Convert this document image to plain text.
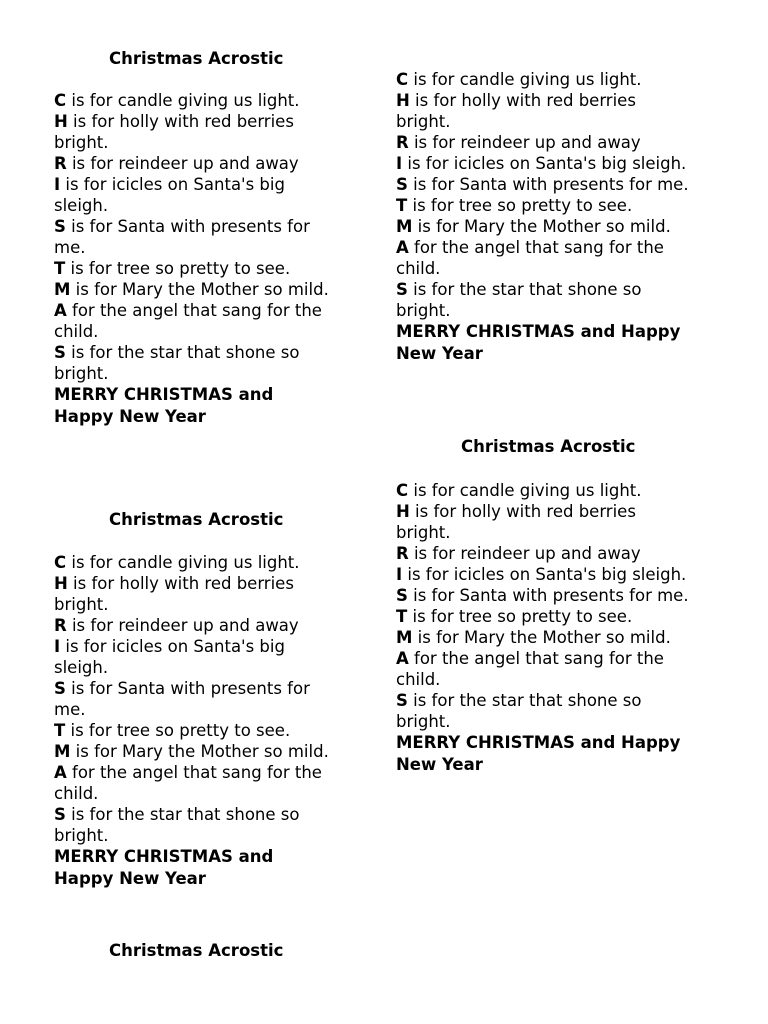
Christmas Acrostic

C is for candle giving us light.

H is for holly with red berries

bright.

R is for reindeer up and away

I is for icicles on Santa's big

sleigh.

S is for Santa with presents for

me.

T is for tree so pretty to see.

M is for Mary the Mother so mild.

A for the angel that sang for the

child.

S is for the star that shone so

bright.

MERRY CHRISTMAS and

Happy New Year

C is for candle giving us light.

H is for holly with red berries

bright.

R is for reindeer up and away

I is for icicles on Santa's big sleigh.

S is for Santa with presents for me.

T is for tree so pretty to see.

M is for Mary the Mother so mild.

A for the angel that sang for the

child.

S is for the star that shone so

bright.

MERRY CHRISTMAS and Happy

New Year

Christmas Acrostic

C is for candle giving us light.

H is for holly with red berries

bright.

R is for reindeer up and away

I is for icicles on Santa's big sleigh.

S is for Santa with presents for me.

T is for tree so pretty to see.

M is for Mary the Mother so mild.

A for the angel that sang for the

child.

S is for the star that shone so

bright.

MERRY CHRISTMAS and Happy

New Year

Christmas Acrostic

C is for candle giving us light.

H is for holly with red berries

bright.

R is for reindeer up and away

I is for icicles on Santa's big

sleigh.

S is for Santa with presents for

me.

T is for tree so pretty to see.

M is for Mary the Mother so mild.

A for the angel that sang for the

child.

S is for the star that shone so

bright.

MERRY CHRISTMAS and

Happy New Year

Christmas Acrostic
